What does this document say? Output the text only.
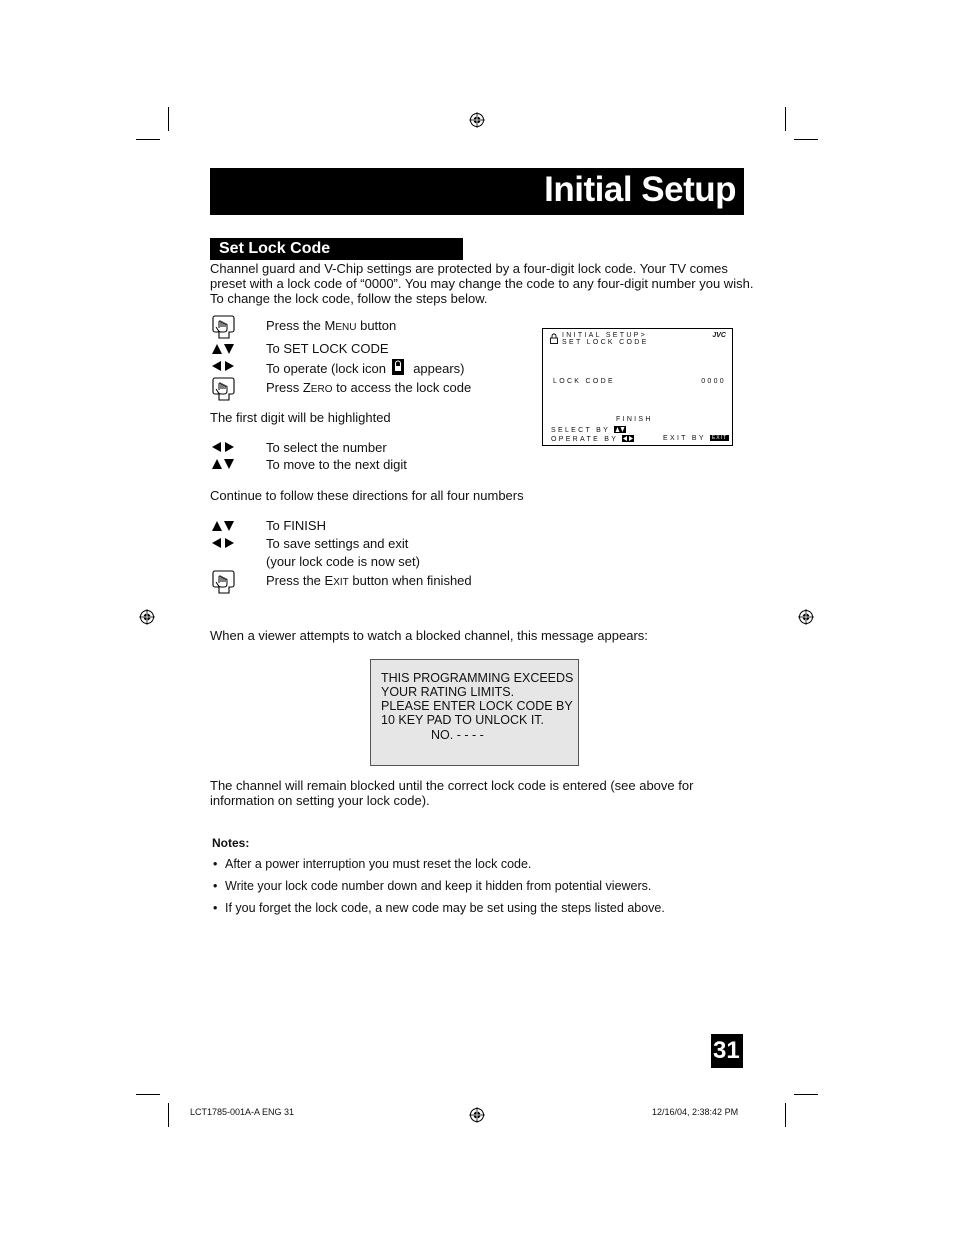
Initial Setup
Set Lock Code
Channel guard and V-Chip settings are protected by a four-digit lock code. Your TV comes
preset with a lock code of “0000”. You may change the code to any four-digit number you wish.
To change the lock code, follow the steps below.
Press the MENU button
To SET LOCK CODE
To operate (lock icon appears)
Press ZERO to access the lock code
The first digit will be highlighted
To select the number
To move to the next digit
Continue to follow these directions for all four numbers
To FINISH
To save settings and exit
(your lock code is now set)
Press the EXIT button when finished
INITIAL SETUP>
SET LOCK CODE
JVC
LOCK CODE	0000
FINISH
SELECT BY
OPERATE BY	EXIT BY EXIT
When a viewer attempts to watch a blocked channel, this message appears:
THIS PROGRAMMING EXCEEDS
YOUR RATING LIMITS.
PLEASE ENTER LOCK CODE BY
10 KEY PAD TO UNLOCK IT.
NO. - - - -
The channel will remain blocked until the correct lock code is entered (see above for
information on setting your lock code).
Notes:
• After a power interruption you must reset the lock code.
• Write your lock code number down and keep it hidden from potential viewers.
• If you forget the lock code, a new code may be set using the steps listed above.
31
LCT1785-001A-A ENG 31	12/16/04, 2:38:42 PM
